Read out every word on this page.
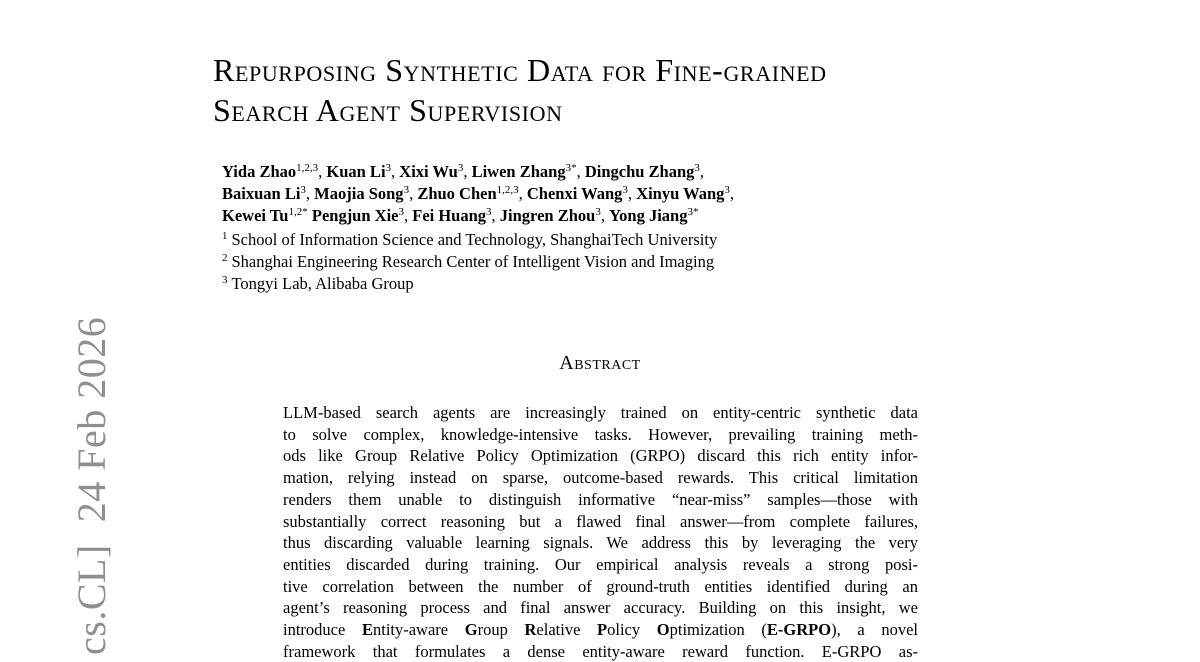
cs.CL]24 Feb 2026
Repurposing Synthetic Data for Fine-grained
Search Agent Supervision
Yida Zhao$^{1,2,3}$, Kuan Li$^3$, Xixi Wu$^3$, Liwen Zhang$^{3*}$, Dingchu Zhang$^3$,
Baixuan Li$^3$, Maojia Song$^3$, Zhuo Chen$^{1,2,3}$, Chenxi Wang$^3$, Xinyu Wang$^3$,
Kewei $Tu^{1,2*}$ Pengjun Xie$^3$, Fei Huang$^3$, Jingren Zhou$^3$, Yong Jiang$^{3*}$
$^1$ School of Information Science and Technology, ShanghaiTech University
$^2$ Shanghai Engineering Research Center of Intelligent Vision and Imaging
$^3$ Tongyi Lab, Alibaba Group
Abstract
LLM-based search agents are increasingly trained on entity-centric synthetic data
to solve complex, knowledge-intensive tasks. However, prevailing training meth-
ods like Group Relative Policy Optimization (GRPO) discard this rich entity infor-
mation, relying instead on sparse, outcome-based rewards. This critical limitation
renders them unable to distinguish informative “near-miss” samples—those with
substantially correct reasoning but a flawed final answer—from complete failures,
thus discarding valuable learning signals. We address this by leveraging the very
entities discarded during training. Our empirical analysis reveals a strong posi-
tive correlation between the number of ground-truth entities identified during an
agent’s reasoning process and final answer accuracy. Building on this insight, we
introduce Entity-aware Group Relative Policy Optimization (E-GRPO), a novel
framework that formulates a dense entity-aware reward function. E-GRPO as-
